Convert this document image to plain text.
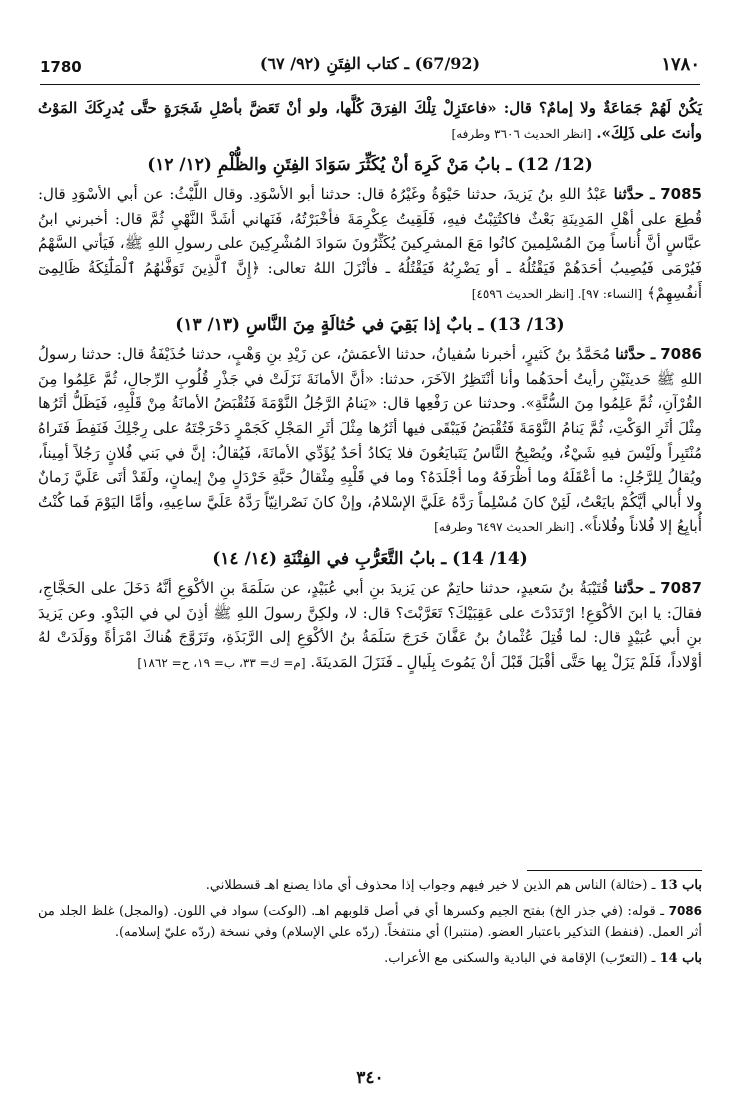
1780	(67/92) ـ كتاب الفِتَنِ (٩٢/ ٦٧)	١٧٨٠

يَكُنْ لَهُمْ جَمَاعَةٌ ولا إمامٌ؟ قال: «فاعتَزِلْ تِلْكَ الفِرَقَ كُلَّها، ولو أنْ تَعَضَّ بأصْلِ شَجَرَةٍ حتَّى يُدرِكَكَ المَوْتُ وأنتَ على ذَلِكَ». [انظر الحديث ٣٦٠٦ وطرفه]

(12/ 12) ـ بابُ مَنْ كَرِهَ أنْ يُكَثِّرَ سَوَادَ الفِتَنِ والظُّلْمِ (١٢/ ١٢)

7085 ـ حدَّثنا عَبْدُ اللهِ بنُ يَزيدَ، حدثنا حَيْوَةُ وغَيْرُهُ قال: حدثنا أبو الأسْوَدِ. وقال اللَّيْثُ: عن أبي الأسْوَدِ قال: قُطِعَ على أهْلِ المَدِينَةِ بَعْثٌ فاكتُتِبْتُ فيهِ، فَلَقِيتُ عِكْرِمَةَ فأخْبَرْتُهُ، فَنَهاني أشَدَّ النَّهْيِ ثُمَّ قال: أخبرني ابنُ عبَّاسٍ أنَّ أُناساً مِنَ المُسْلِمينَ كانُوا مَعَ المشرِكينَ يُكَثِّرُونَ سَوادَ المُشْرِكِينَ على رسولِ اللهِ ﷺ، فَيَأتي السَّهْمُ فَيُرْمَى فَيُصِيبُ أحَدَهُمْ فَيَقْتُلُهُ ـ أو يَضْرِبُهُ فَيَقْتُلُهُ ـ فأنْزَلَ اللهُ تعالى: ﴿إِنَّ ٱلَّذِينَ تَوَفَّىٰهُمُ ٱلْمَلَٰٓئِكَةُ ظَالِمِىٓ أَنفُسِهِمْ﴾ [النساء: ٩٧]. [انظر الحديث ٤٥٩٦]

(13/ 13) ـ بابٌ إذا بَقِيَ في حُثالَةٍ مِنَ النَّاسِ (١٣/ ١٣)

7086 ـ حدَّثنا مُحَمَّدُ بنُ كَثيرٍ، أخبرنا سُفيانُ، حدثنا الأعمَشُ، عن زَيْدِ بنِ وَهْبٍ، حدثنا حُذَيْفَةُ قال: حدثنا رسولُ اللهِ ﷺ حَديثَيْنِ رأيتُ أحدَهُما وأنا أنْتَظِرُ الآخَرَ، حدثنا: «أنَّ الأمانَةَ نَزَلَتْ في جَذْرِ قُلُوبِ الرِّجالِ، ثُمَّ عَلِمُوا مِنَ القُرْآنِ، ثُمَّ عَلِمُوا مِنَ السُّنَّةِ». وحدثنا عن رَفْعِها قال: «يَنامُ الرَّجُلُ النَّوْمَةَ فَتُقْبَضُ الأمانَةُ مِنْ قَلْبِهِ، فَيَظَلُّ أثَرُها مِثْلَ أثَرِ الوَكْتِ، ثُمَّ يَنامُ النَّوْمَةَ فَتُقْبَضُ فَيَبْقَى فيها أثَرُها مِثْلَ أثَرِ المَجْلِ كَجَمْرٍ دَحْرَجْتَهُ على رِجْلِكَ فَنَفِطَ فَتَراهُ مُنْتَبِراً ولَيْسَ فيهِ شَيْءٌ، ويُصْبِحُ النَّاسُ يَتَبايَعُونَ فلا يَكادُ أحَدٌ يُؤَدِّي الأمانَةَ، فَيُقالُ: إنَّ في بَني فُلانٍ رَجُلاً أمِيناً، ويُقالُ لِلرَّجُلِ: ما أعْقَلَهُ وما أظْرَفَهُ وما أجْلَدَهُ؟ وما في قَلْبِهِ مِثْقالُ حَبَّةِ خَرْدَلٍ مِنْ إيمانٍ، ولَقَدْ أتَى عَلَيَّ زَمانٌ ولا أُبالي أيَّكُمْ بايَعْتُ، لَئِنْ كانَ مُسْلِماً رَدَّهُ عَلَيَّ الإسْلامُ، وإنْ كانَ نَصْرانِيّاً رَدَّهُ عَلَيَّ ساعِيهِ، وأمَّا اليَوْمَ فَما كُنْتُ أُبايِعُ إلا فُلاناً وفُلاناً». [انظر الحديث ٦٤٩٧ وطرفه]

(14/ 14) ـ بابُ التَّعَرُّبِ في الفِتْنَةِ (١٤/ ١٤)

7087 ـ حدَّثنا قُتَيْبَةُ بنُ سَعيدٍ، حدثنا حاتِمٌ عن يَزيدَ بنِ أبي عُبَيْدٍ، عن سَلَمَةَ بنِ الأكْوَعِ أنَّهُ دَخَلَ على الحَجَّاجِ، فقالَ: يا ابنَ الأكْوَعِ! ارْتَدَدْتَ على عَقِبَيْكَ؟ تَعَرَّبْتَ؟ قال: لا، ولكِنَّ رسولَ اللهِ ﷺ أذِنَ لي في البَدْوِ. وعن يَزيدَ بنِ أبي عُبَيْدٍ قال: لما قُتِلَ عُثْمانُ بنُ عَفَّانَ خَرَجَ سَلَمَةُ بنُ الأكْوَعِ إلى الرَّبَذَةِ، وتَزَوَّجَ هُناكَ امْرَأةً ووَلَدَتْ لهُ أوْلاداً، فَلَمْ يَزَلْ بِها حَتَّى أقْبَلَ قَبْلَ أنْ يَمُوتَ بِلَيالٍ ـ فَنَزَلَ المَدينَةَ. [م= ك= ٣٣، ب= ١٩، ح= ١٨٦٢]

باب 13 ـ (حثالة) الناس هم الذين لا خير فيهم وجواب إذا محذوف أي ماذا يصنع اهـ قسطلاني.

7086 ـ قوله: (في جذر الخ) بفتح الجيم وكسرها أي في أصل قلوبهم اهـ. (الوكت) سواد في اللون. (والمجل) غلظ الجلد من أثر العمل. (فنفط) التذكير باعتبار العضو. (منتبرا) أي منتفخاً. (ردّه علي الإسلام) وفي نسخة (ردّه عليّ إسلامه).

باب 14 ـ (التعرّب) الإقامة في البادية والسكنى مع الأعراب.

٣٤٠
